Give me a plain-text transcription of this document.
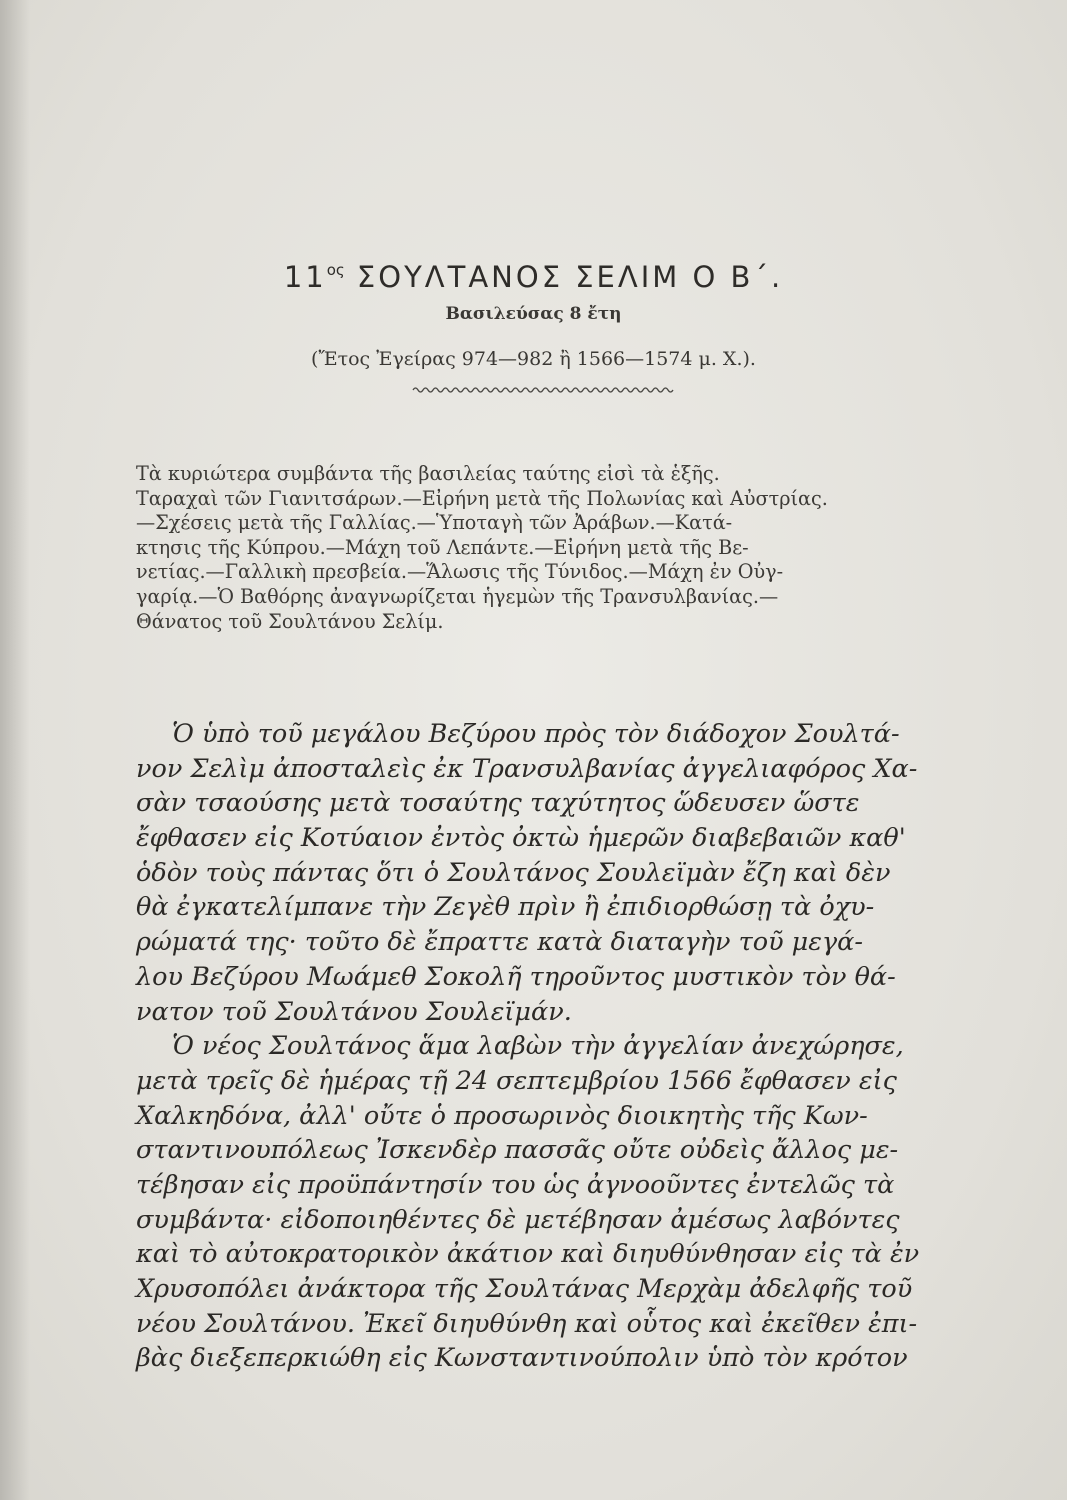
$11^{o\varsigma}$ ΣΟΥΛΤΑΝΟΣ ΣΕΛΙΜ Ο Β΄.
Βασιλεύσας 8 ἔτη
(Ἔτος Ἐγείρας 974—982 ἢ 1566—1574 μ. Χ.).
Τὰ κυριώτερα συμβάντα τῆς βασιλείας ταύτης εἰσὶ τὰ ἑξῆς.
Ταραχαὶ τῶν Γιανιτσάρων.—Εἰρήνη μετὰ τῆς Πολωνίας καὶ Αὐστρίας.
—Σχέσεις μετὰ τῆς Γαλλίας.—Ὑποταγὴ τῶν Ἀράβων.—Κατά-
κτησις τῆς Κύπρου.—Μάχη τοῦ Λεπάντε.—Εἰρήνη μετὰ τῆς Βε-
νετίας.—Γαλλικὴ πρεσβεία.—Ἅλωσις τῆς Τύνιδος.—Μάχη ἐν Οὐγ-
γαρίᾳ.—Ὁ Βαθόρης ἀναγνωρίζεται ἡγεμὼν τῆς Τρανσυλβανίας.—
Θάνατος τοῦ Σουλτάνου Σελίμ.
Ὁ ὑπὸ τοῦ μεγάλου Βεζύρου πρὸς τὸν διάδοχον Σουλτά-
νον Σελὶμ ἀποσταλεὶς ἐκ Τρανσυλβανίας ἀγγελιαφόρος Χα-
σὰν τσαούσης μετὰ τοσαύτης ταχύτητος ὥδευσεν ὥστε
ἔφθασεν εἰς Κοτύαιον ἐντὸς ὀκτὼ ἡμερῶν διαβεβαιῶν καθ'
ὁδὸν τοὺς πάντας ὅτι ὁ Σουλτάνος Σουλεϊμὰν ἔζη καὶ δὲν
θὰ ἐγκατελίμπανε τὴν Ζεγὲθ πρὶν ἢ ἐπιδιορθώσῃ τὰ ὀχυ-
ρώματά της· τοῦτο δὲ ἔπραττε κατὰ διαταγὴν τοῦ μεγά-
λου Βεζύρου Μωάμεθ Σοκολῆ τηροῦντος μυστικὸν τὸν θά-
νατον τοῦ Σουλτάνου Σουλεϊμάν.
Ὁ νέος Σουλτάνος ἅμα λαβὼν τὴν ἀγγελίαν ἀνεχώρησε,
μετὰ τρεῖς δὲ ἡμέρας τῇ 24 σεπτεμβρίου 1566 ἔφθασεν εἰς
Χαλκηδόνα, ἀλλ' οὔτε ὁ προσωρινὸς διοικητὴς τῆς Κων-
σταντινουπόλεως Ἰσκενδὲρ πασσᾶς οὔτε οὐδεὶς ἄλλος με-
τέβησαν εἰς προϋπάντησίν του ὡς ἀγνοοῦντες ἐντελῶς τὰ
συμβάντα· εἰδοποιηθέντες δὲ μετέβησαν ἀμέσως λαβόντες
καὶ τὸ αὐτοκρατορικὸν ἀκάτιον καὶ διηυθύνθησαν εἰς τὰ ἐν
Χρυσοπόλει ἀνάκτορα τῆς Σουλτάνας Μερχὰμ ἀδελφῆς τοῦ
νέου Σουλτάνου. Ἐκεῖ διηυθύνθη καὶ οὗτος καὶ ἐκεῖθεν ἐπι-
βὰς διεξεπερκιώθη εἰς Κωνσταντινούπολιν ὑπὸ τὸν κρότον
